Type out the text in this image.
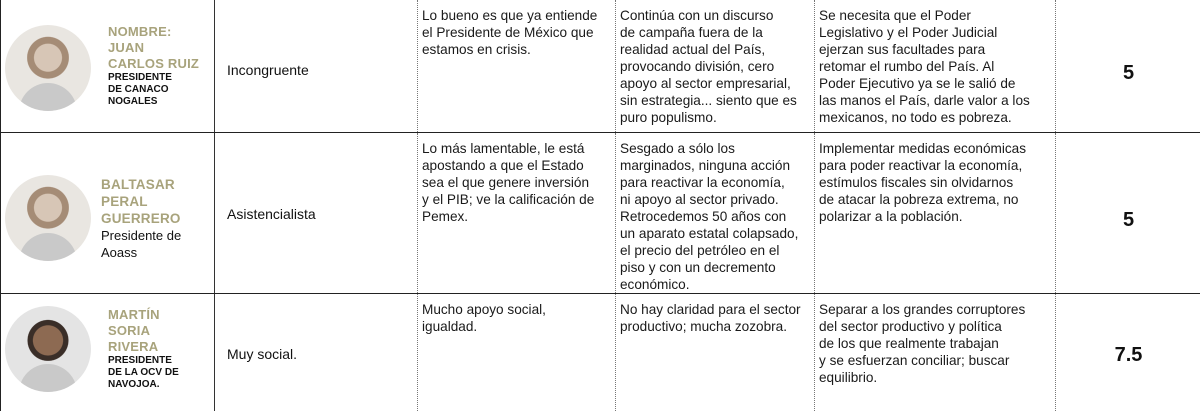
NOMBRE:
JUAN
CARLOS RUIZ
PRESIDENTE
DE CANACO
NOGALES
Incongruente
Lo bueno es que ya entiende
el Presidente de México que
estamos en crisis.
Continúa con un discurso
de campaña fuera de la
realidad actual del País,
provocando división, cero
apoyo al sector empresarial,
sin estrategia... siento que es
puro populismo.
Se necesita que el Poder
Legislativo y el Poder Judicial
ejerzan sus facultades para
retomar el rumbo del País. Al
Poder Ejecutivo ya se le salió de
las manos el País, darle valor a los
mexicanos, no todo es pobreza.
5
BALTASAR
PERAL
GUERRERO
Presidente de
Aoass
Asistencialista
Lo más lamentable, le está
apostando a que el Estado
sea el que genere inversión
y el PIB; ve la calificación de
Pemex.
Sesgado a sólo los
marginados, ninguna acción
para reactivar la economía,
ni apoyo al sector privado.
Retrocedemos 50 años con
un aparato estatal colapsado,
el precio del petróleo en el
piso y con un decremento
económico.
Implementar medidas económicas
para poder reactivar la economía,
estímulos fiscales sin olvidarnos
de atacar la pobreza extrema, no
polarizar a la población.	5
MARTÍN
SORIA
RIVERA
PRESIDENTE
DE LA OCV DE
NAVOJOA.
Muy social.
Mucho apoyo social,
igualdad.
No hay claridad para el sector
productivo; mucha zozobra.
Separar a los grandes corruptores
del sector productivo y política
de los que realmente trabajan
y se esfuerzan conciliar; buscar
equilibrio.
7.5
